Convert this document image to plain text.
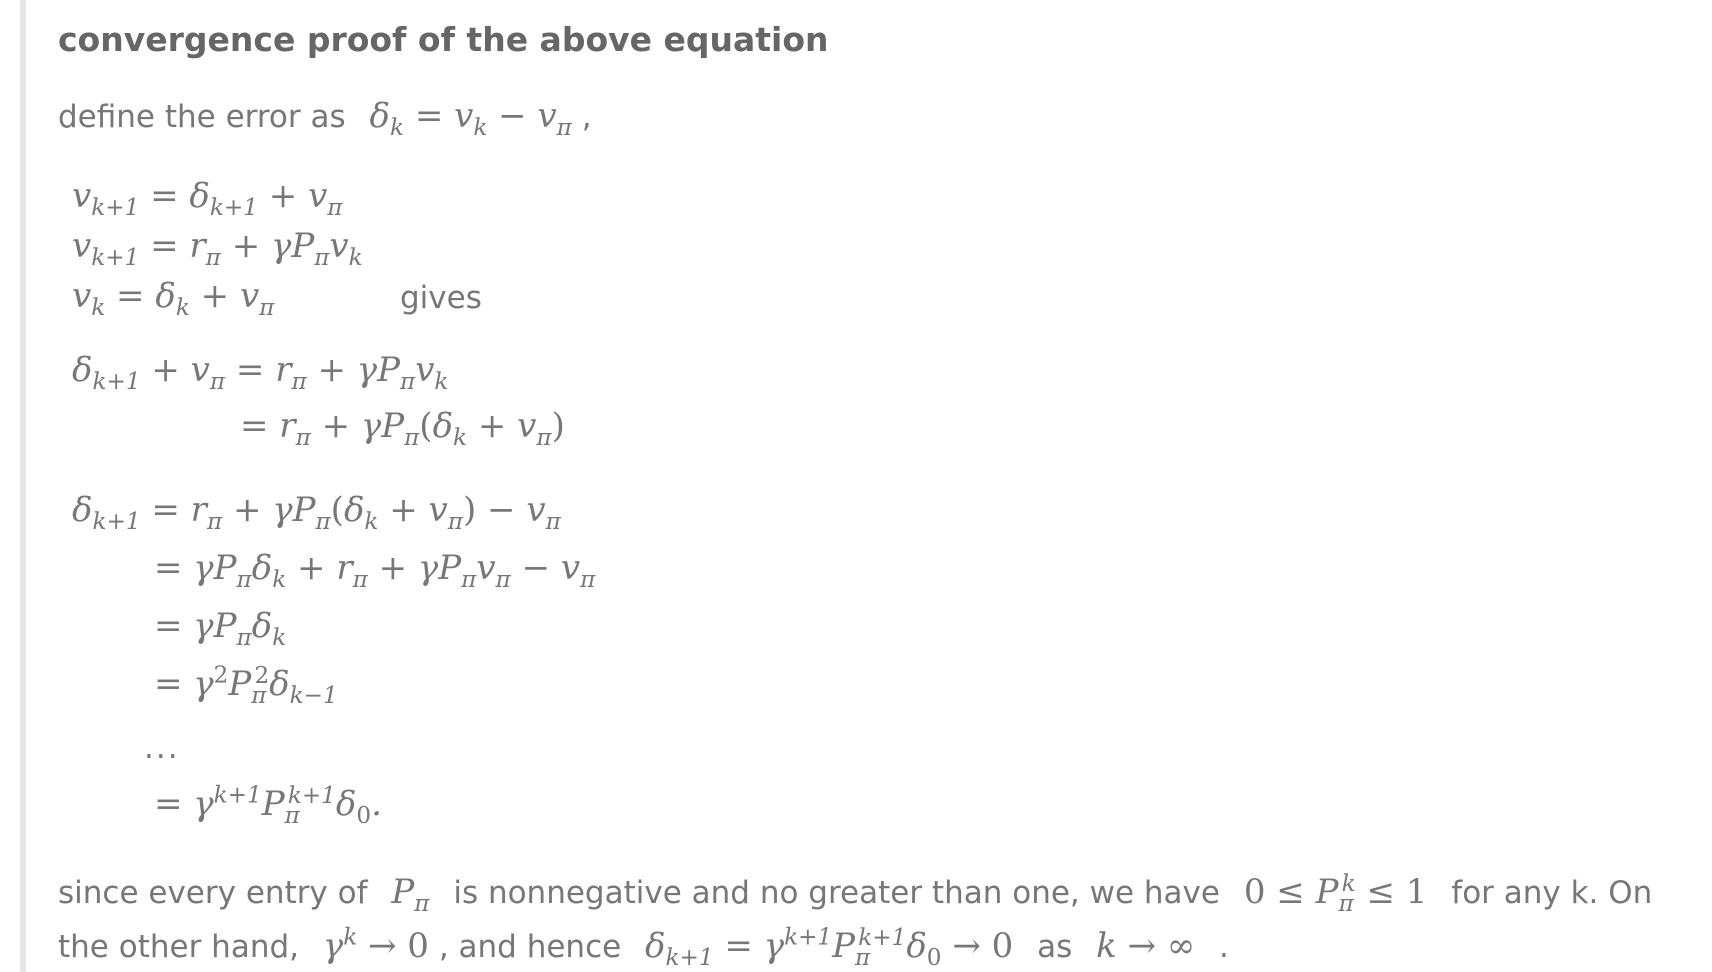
convergence proof of the above equation
define the error as $\delta_k = v_k - v_\pi$ ,
$v_{k+1} = \delta_{k+1} + v_\pi$
$v_{k+1} = r_\pi + \gamma P_\pi v_k$
$v_k = \delta_k + v_\pi$	gives
$\delta_{k+1} + v_\pi = r_\pi + \gamma P_\pi v_k$
= $r_\pi + \gamma P_\pi(\delta_k + v_\pi)$
$\delta_{k+1} = r_\pi + \gamma P_\pi(\delta_k + v_\pi) - v_\pi$
= $\gamma P_\pi\delta_k + r_\pi + \gamma P_\pi v_\pi - v_\pi$
= $\gamma P_\pi\delta_k$
= $\gamma^2P_\pi^2\delta_{k-1}$
...
= $\gamma^{k+1}P_\pi^{k+1}\delta_0$.
since every entry of $P_\pi$ is nonnegative and no greater than one, we have $0 \le P_\pi^k \le 1$ for any k. On
the other hand, $\gamma^k \to 0$ , and hence $\delta_{k+1} = \gamma^{k+1}P_\pi^{k+1}\delta_0 \to 0$ as k → ∞ .
